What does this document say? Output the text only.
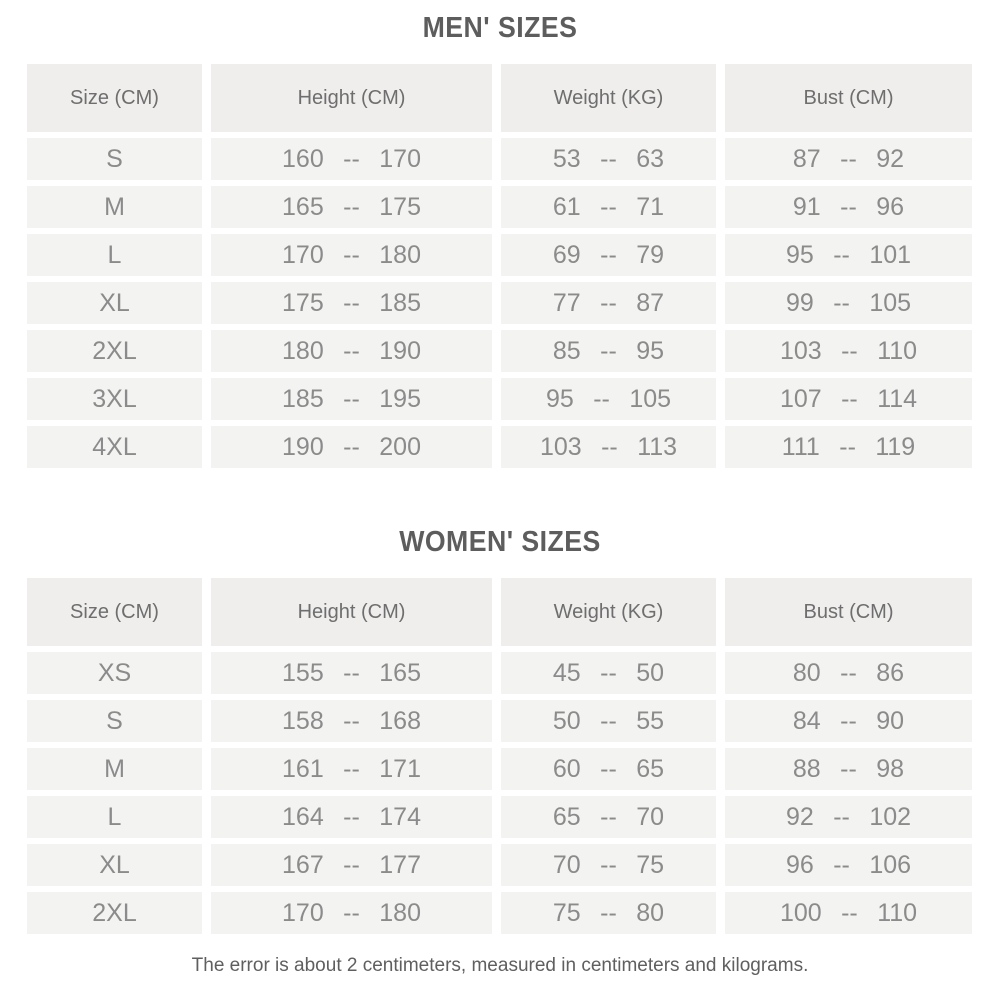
MEN' SIZES
Size (CM)	Height (CM)	Weight (KG)	Bust (CM)
S	160 -- 170	53 -- 63	87 -- 92
M	165 -- 175	61 -- 71	91 -- 96
L	170 -- 180	69 -- 79	95 -- 101
XL	175 -- 185	77 -- 87	99 -- 105
2XL	180 -- 190	85 -- 95	103 -- 110
3XL	185 -- 195	95 -- 105	107 -- 114
4XL	190 -- 200	103 -- 113	111 -- 119
WOMEN' SIZES
Size (CM)	Height (CM)	Weight (KG)	Bust (CM)
XS	155 -- 165	45 -- 50	80 -- 86
S	158 -- 168	50 -- 55	84 -- 90
M	161 -- 171	60 -- 65	88 -- 98
L	164 -- 174	65 -- 70	92 -- 102
XL	167 -- 177	70 -- 75	96 -- 106
2XL	170 -- 180	75 -- 80	100 -- 110

The error is about 2 centimeters, measured in centimeters and kilograms.
